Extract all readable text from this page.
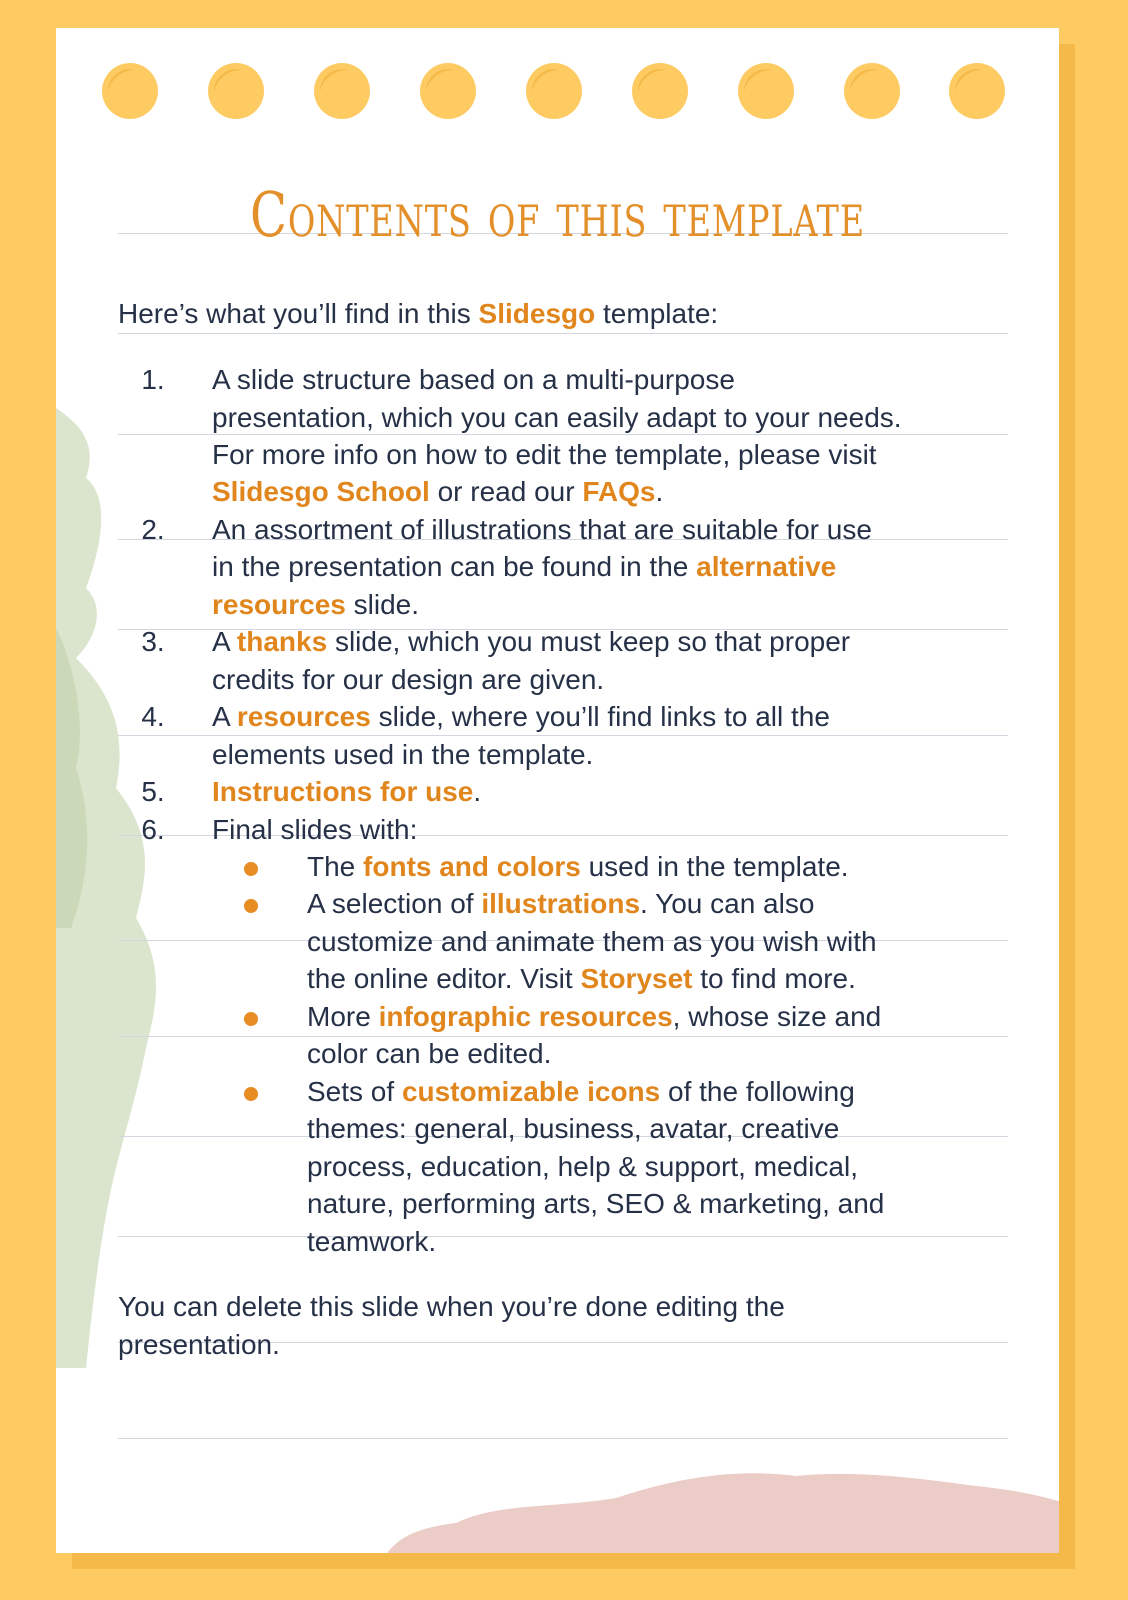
Contents of this template
Here’s what you’ll find in this Slidesgo template:
1. A slide structure based on a multi-purpose
presentation, which you can easily adapt to your needs.
For more info on how to edit the template, please visit
Slidesgo School or read our FAQs.
2. An assortment of illustrations that are suitable for use
in the presentation can be found in the alternative
resources slide.
3. A thanks slide, which you must keep so that proper
credits for our design are given.
4. A resources slide, where you’ll find links to all the
elements used in the template.
5. Instructions for use.
6. Final slides with:
The fonts and colors used in the template.
A selection of illustrations. You can also
customize and animate them as you wish with
the online editor. Visit Storyset to find more.
More infographic resources, whose size and
color can be edited.
Sets of customizable icons of the following
themes: general, business, avatar, creative
process, education, help & support, medical,
nature, performing arts, SEO & marketing, and
teamwork.
You can delete this slide when you’re done editing the
presentation.
